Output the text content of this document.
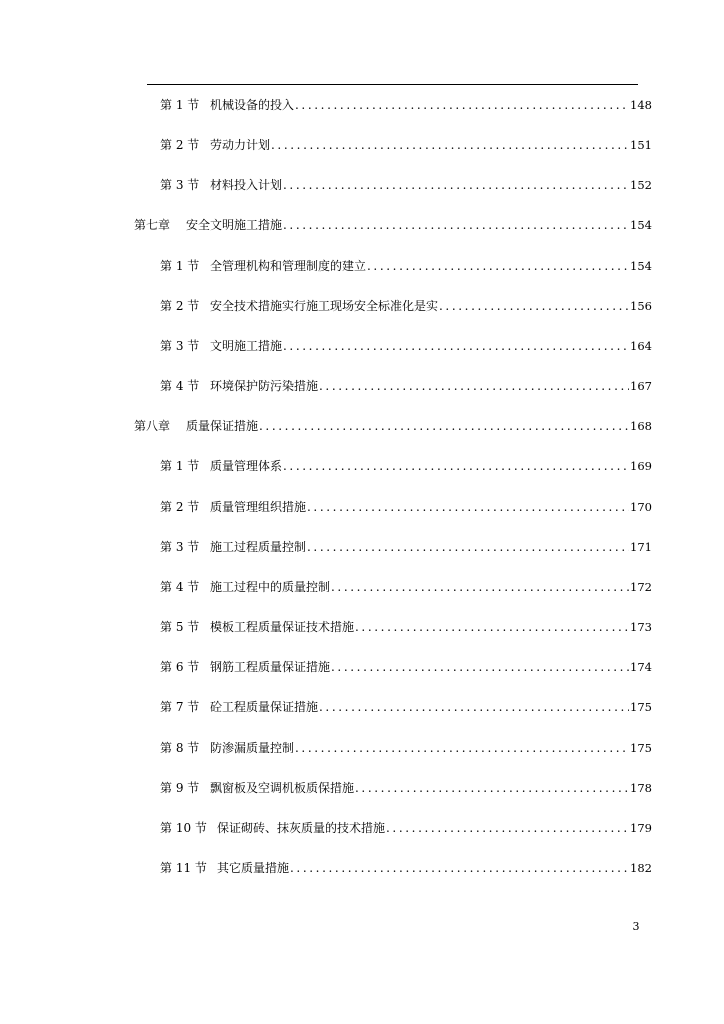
第 1 节 机械设备的投入 .....	148
第 2 节 劳动力计划 .....	151
第 3 节 材料投入计划 .....	152
第七章	安全文明施工措施 .....	154
第 1 节 全管理机构和管理制度的建立 .....	154
第 2 节 安全技术措施实行施工现场安全标准化是实 .....	156
第 3 节 文明施工措施 .....	164
第 4 节 环境保护防污染措施 .....	167
第八章	质量保证措施 .....	168
第 1 节 质量管理体系 .....	169
第 2 节 质量管理组织措施 .....	170
第 3 节 施工过程质量控制 .....	171
第 4 节 施工过程中的质量控制 .....	172
第 5 节 模板工程质量保证技术措施 .....	173
第 6 节 钢筋工程质量保证措施 .....	174
第 7 节 砼工程质量保证措施 .....	175
第 8 节 防渗漏质量控制 .....	175
第 9 节 飘窗板及空调机板质保措施 .....	178
第 10 节 保证砌砖、抹灰质量的技术措施 .....	179
第 11 节 其它质量措施 .....	182
3
